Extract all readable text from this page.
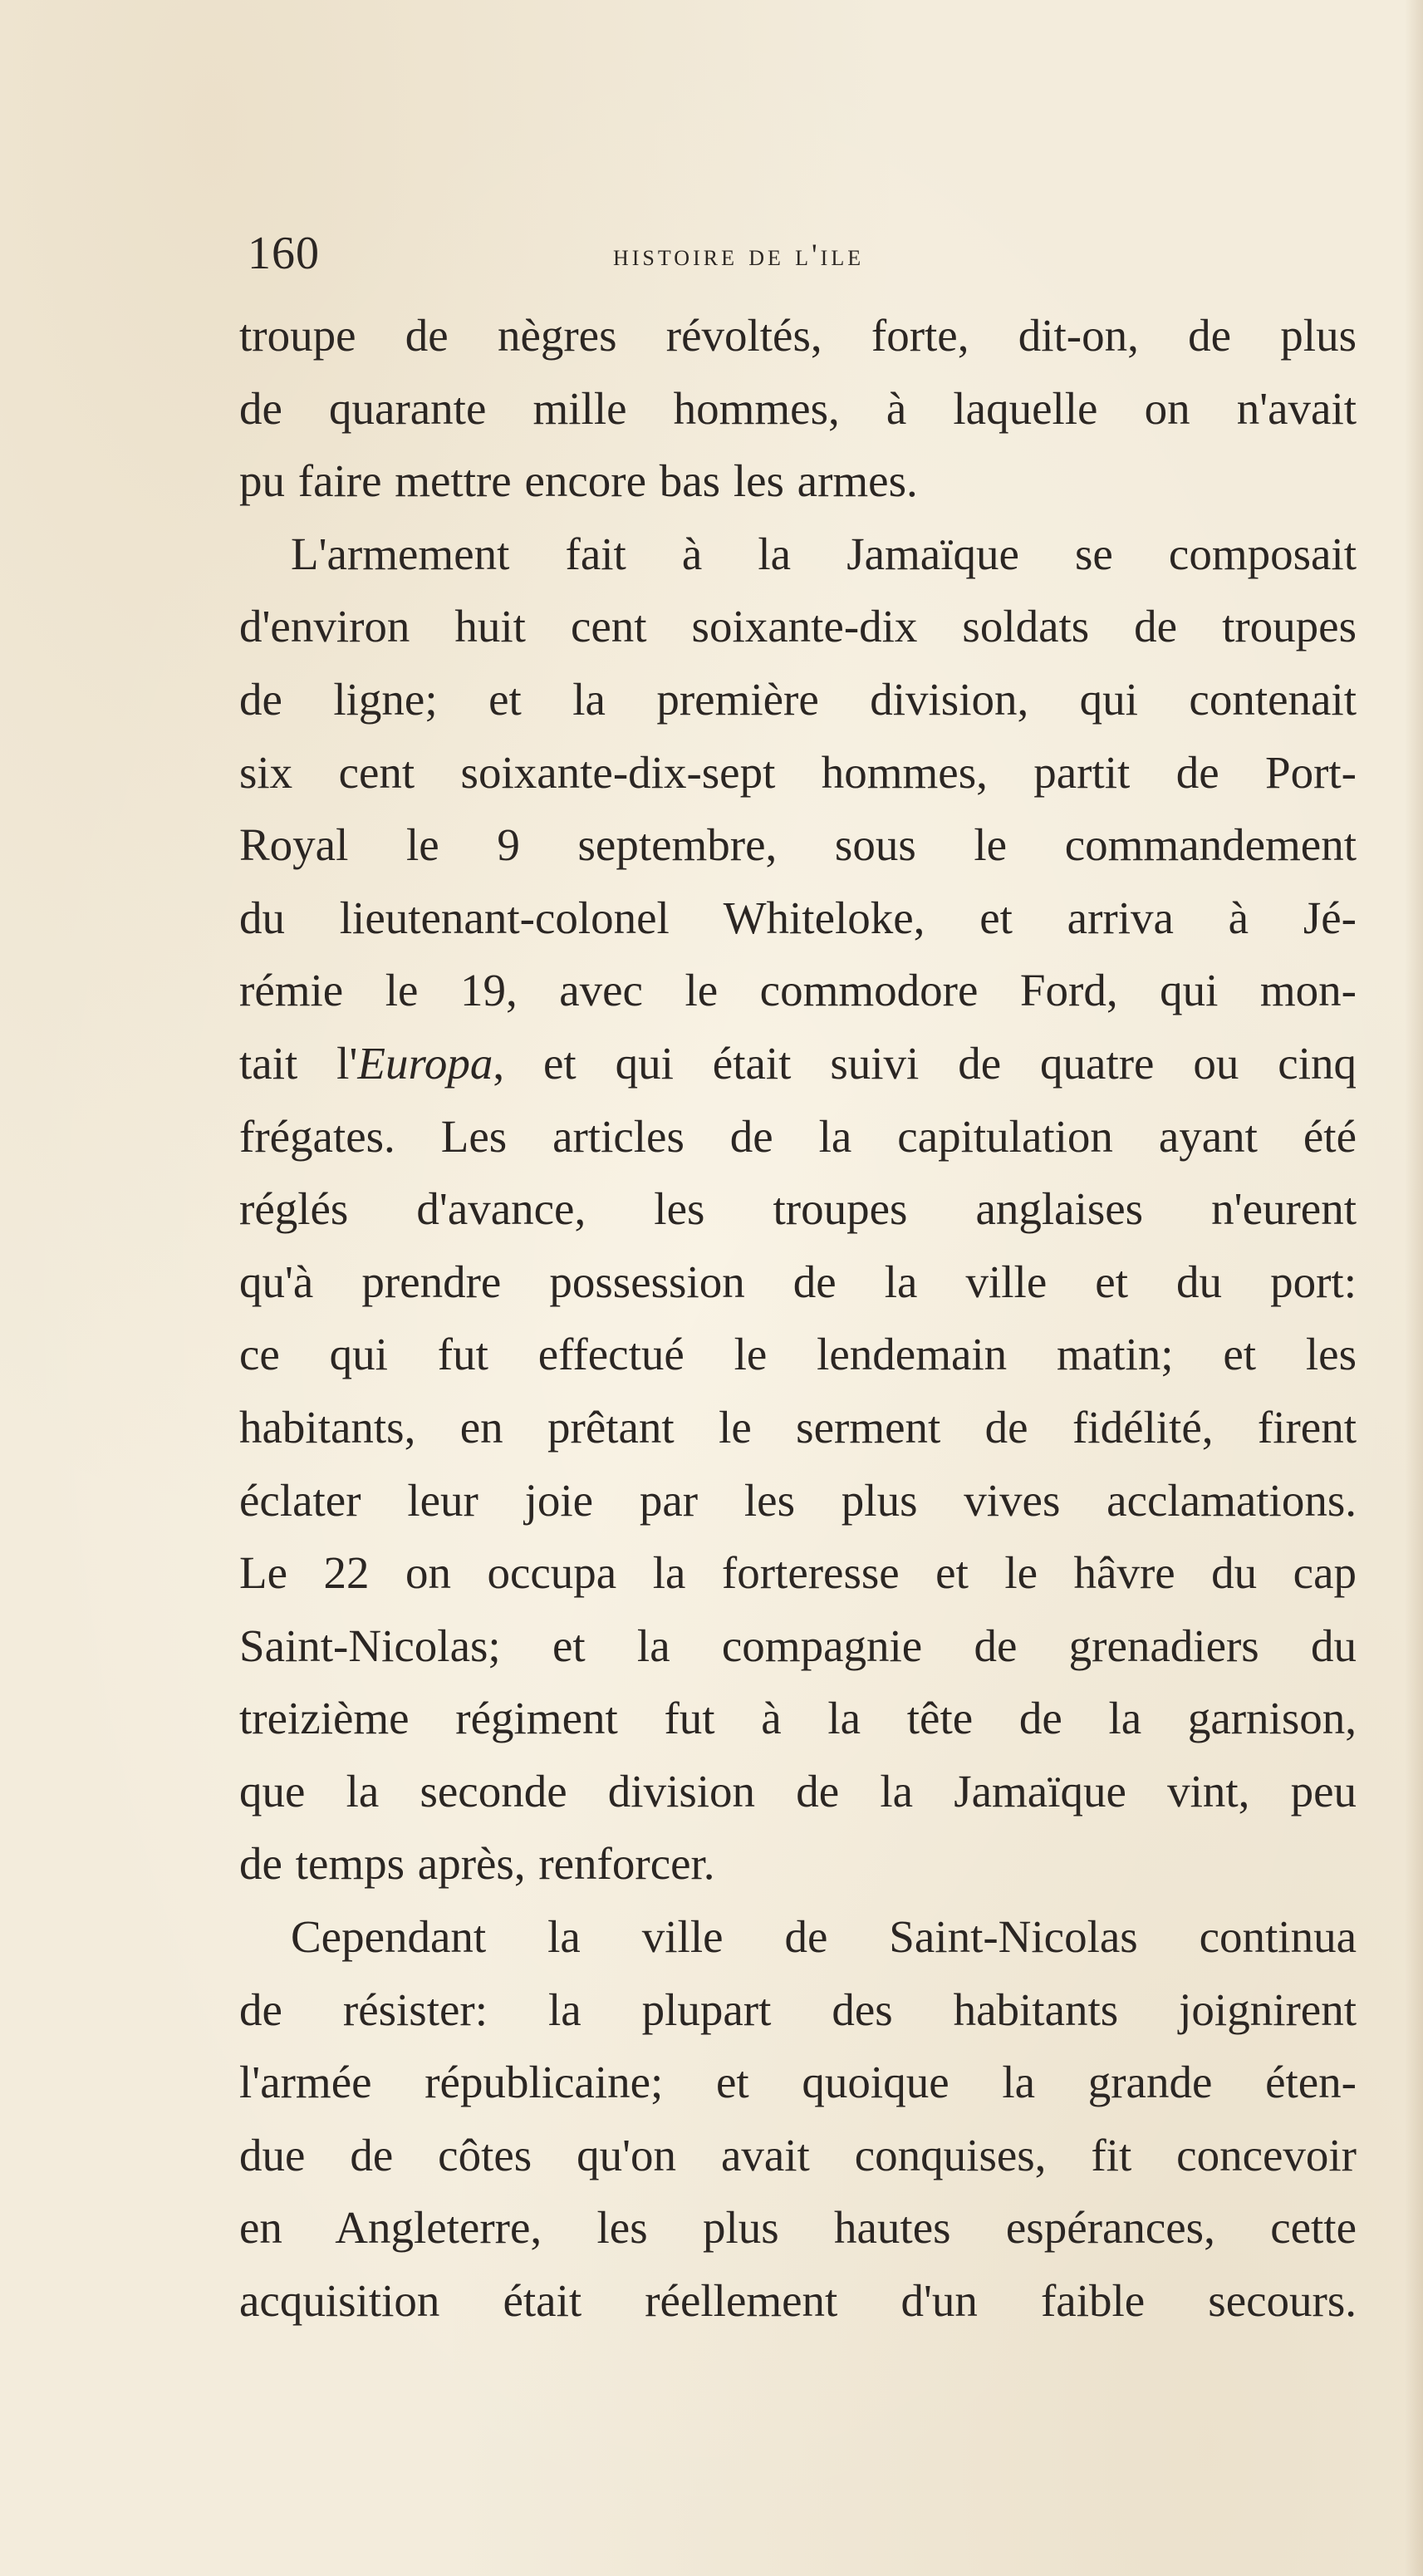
160	histoire de l'ile
troupe de nègres révoltés, forte, dit-on, de plus
de quarante mille hommes, à laquelle on n'avait
pu faire mettre encore bas les armes.
L'armement fait à la Jamaïque se composait
d'environ huit cent soixante-dix soldats de troupes
de ligne; et la première division, qui contenait
six cent soixante-dix-sept hommes, partit de Port-
Royal le 9 septembre, sous le commandement
du lieutenant-colonel Whiteloke, et arriva à Jé-
rémie le 19, avec le commodore Ford, qui mon-
tait l'Europa, et qui était suivi de quatre ou cinq
frégates. Les articles de la capitulation ayant été
réglés d'avance, les troupes anglaises n'eurent
qu'à prendre possession de la ville et du port:
ce qui fut effectué le lendemain matin; et les
habitants, en prêtant le serment de fidélité, firent
éclater leur joie par les plus vives acclamations.
Le 22 on occupa la forteresse et le hâvre du cap
Saint-Nicolas; et la compagnie de grenadiers du
treizième régiment fut à la tête de la garnison,
que la seconde division de la Jamaïque vint, peu
de temps après, renforcer.
Cependant la ville de Saint-Nicolas continua
de résister: la plupart des habitants joignirent
l'armée républicaine; et quoique la grande éten-
due de côtes qu'on avait conquises, fit concevoir
en Angleterre, les plus hautes espérances, cette
acquisition était réellement d'un faible secours.
